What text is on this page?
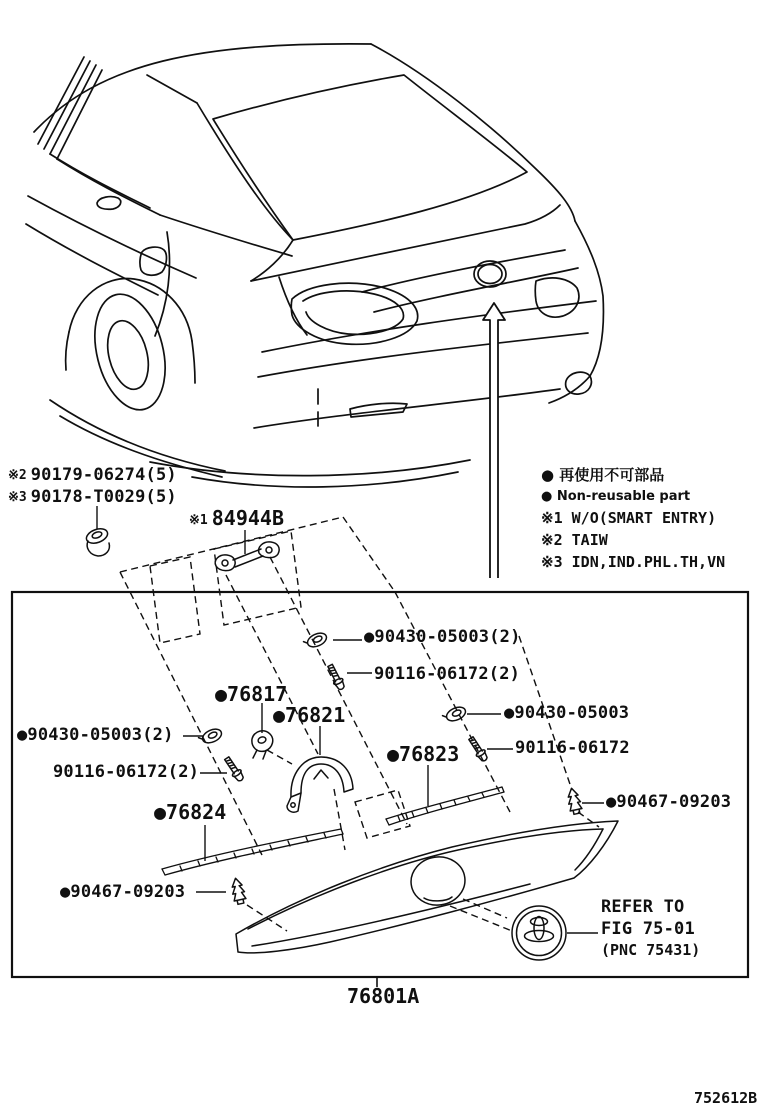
※2 90179-06274(5)
※3 90178-T0029(5)
※1 84944B
● 再使用不可部品
● Non-reusable part
※1 W/O(SMART ENTRY)
※2 TAIW
※3 IDN,IND.PHL.TH,VN
●90430-05003(2)
90116-06172(2)
●76817
●76821
●76823
●90430-05003
90116-06172
●90467-09203
●90430-05003(2)
90116-06172(2)
●76824
●90467-09203
REFER TO
FIG 75-01
(PNC 75431)
76801A
752612B
